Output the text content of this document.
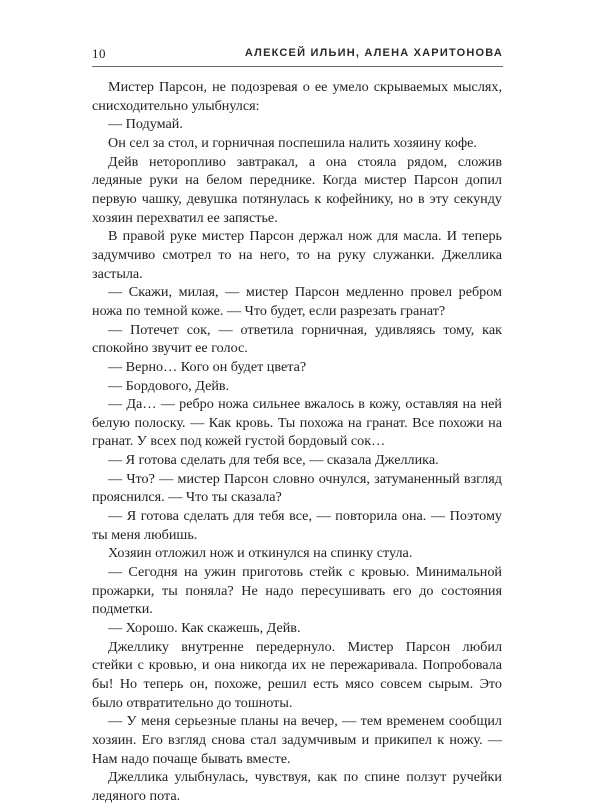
10	АЛЕКСЕЙ ИЛЬИН, АЛЕНА ХАРИТОНОВА

Мистер Парсон, не подозревая о ее умело скрываемых мыслях, снисходительно улыбнулся:

— Подумай.

Он сел за стол, и горничная поспешила налить хозяину кофе.

Дейв неторопливо завтракал, а она стояла рядом, сложив ледяные руки на белом переднике. Когда мистер Парсон допил первую чашку, девушка потянулась к кофейнику, но в эту секунду хозяин перехватил ее запястье.

В правой руке мистер Парсон держал нож для масла. И теперь задумчиво смотрел то на него, то на руку служанки. Джеллика застыла.

— Скажи, милая, — мистер Парсон медленно провел ребром ножа по темной коже. — Что будет, если разрезать гранат?

— Потечет сок, — ответила горничная, удивляясь тому, как спокойно звучит ее голос.

— Верно… Кого он будет цвета?

— Бордового, Дейв.

— Да… — ребро ножа сильнее вжалось в кожу, оставляя на ней белую полоску. — Как кровь. Ты похожа на гранат. Все похожи на гранат. У всех под кожей густой бордовый сок…

— Я готова сделать для тебя все, — сказала Джеллика.

— Что? — мистер Парсон словно очнулся, затуманенный взгляд прояснился. — Что ты сказала?

— Я готова сделать для тебя все, — повторила она. — Поэтому ты меня любишь.

Хозяин отложил нож и откинулся на спинку стула.

— Сегодня на ужин приготовь стейк с кровью. Минимальной прожарки, ты поняла? Не надо пересушивать его до состояния подметки.

— Хорошо. Как скажешь, Дейв.

Джеллику внутренне передернуло. Мистер Парсон любил стейки с кровью, и она никогда их не пережаривала. Попробовала бы! Но теперь он, похоже, решил есть мясо совсем сырым. Это было отвратительно до тошноты.

— У меня серьезные планы на вечер, — тем временем сообщил хозяин. Его взгляд снова стал задумчивым и прикипел к ножу. — Нам надо почаще бывать вместе.

Джеллика улыбнулась, чувствуя, как по спине ползут ручейки ледяного пота.
